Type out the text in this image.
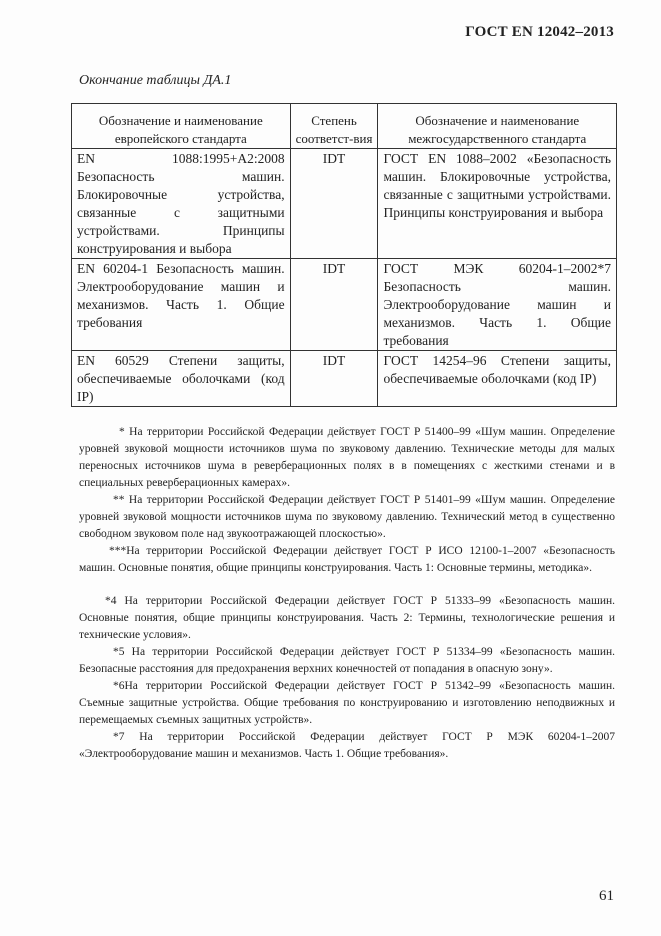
ГОСТ EN 12042–2013
Окончание таблицы ДА.1
Обозначение и наименование европейского стандарта	Степень соответст-вия	Обозначение и наименование межгосударственного стандарта
EN 1088:1995+A2:2008 Безопасность машин. Блокировочные устройства, связанные с защитными устройствами. Принципы конструирования и выбора	IDT	ГОСТ EN 1088–2002 «Безопасность машин. Блокировочные устройства, связанные с защитными устройствами. Принципы конструирования и выбора
EN 60204-1 Безопасность машин. Электрооборудование машин и механизмов. Часть 1. Общие требования	IDT	ГОСТ МЭК 60204-1–2002*7 Безопасность машин. Электрооборудование машин и механизмов. Часть 1. Общие требования
EN 60529 Степени защиты, обеспечиваемые оболочками (код IP)	IDT	ГОСТ 14254–96 Степени защиты, обеспечиваемые оболочками (код IP)

* На территории Российской Федерации действует ГОСТ Р 51400–99 «Шум машин. Определение уровней звуковой мощности источников шума по звуковому давлению. Технические методы для малых переносных источников шума в реверберационных полях в в помещениях с жесткими стенами и в специальных реверберационных камерах».

** На территории Российской Федерации действует ГОСТ Р 51401–99 «Шум машин. Определение уровней звуковой мощности источников шума по звуковому давлению. Технический метод в существенно свободном звуковом поле над звукоотражающей плоскостью».

***На территории Российской Федерации действует ГОСТ Р ИСО 12100-1–2007 «Безопасность машин. Основные понятия, общие принципы конструирования. Часть 1: Основные термины, методика».

*4 На территории Российской Федерации действует ГОСТ Р 51333–99 «Безопасность машин. Основные понятия, общие принципы конструирования. Часть 2: Термины, технологические решения и технические условия».

*5 На территории Российской Федерации действует ГОСТ Р 51334–99 «Безопасность машин. Безопасные расстояния для предохранения верхних конечностей от попадания в опасную зону».

*6На территории Российской Федерации действует ГОСТ Р 51342–99 «Безопасность машин. Съемные защитные устройства. Общие требования по конструированию и изготовлению неподвижных и перемещаемых съемных защитных устройств».

*7 На территории Российской Федерации действует ГОСТ Р МЭК 60204-1–2007 «Электрооборудование машин и механизмов. Часть 1. Общие требования».

61
